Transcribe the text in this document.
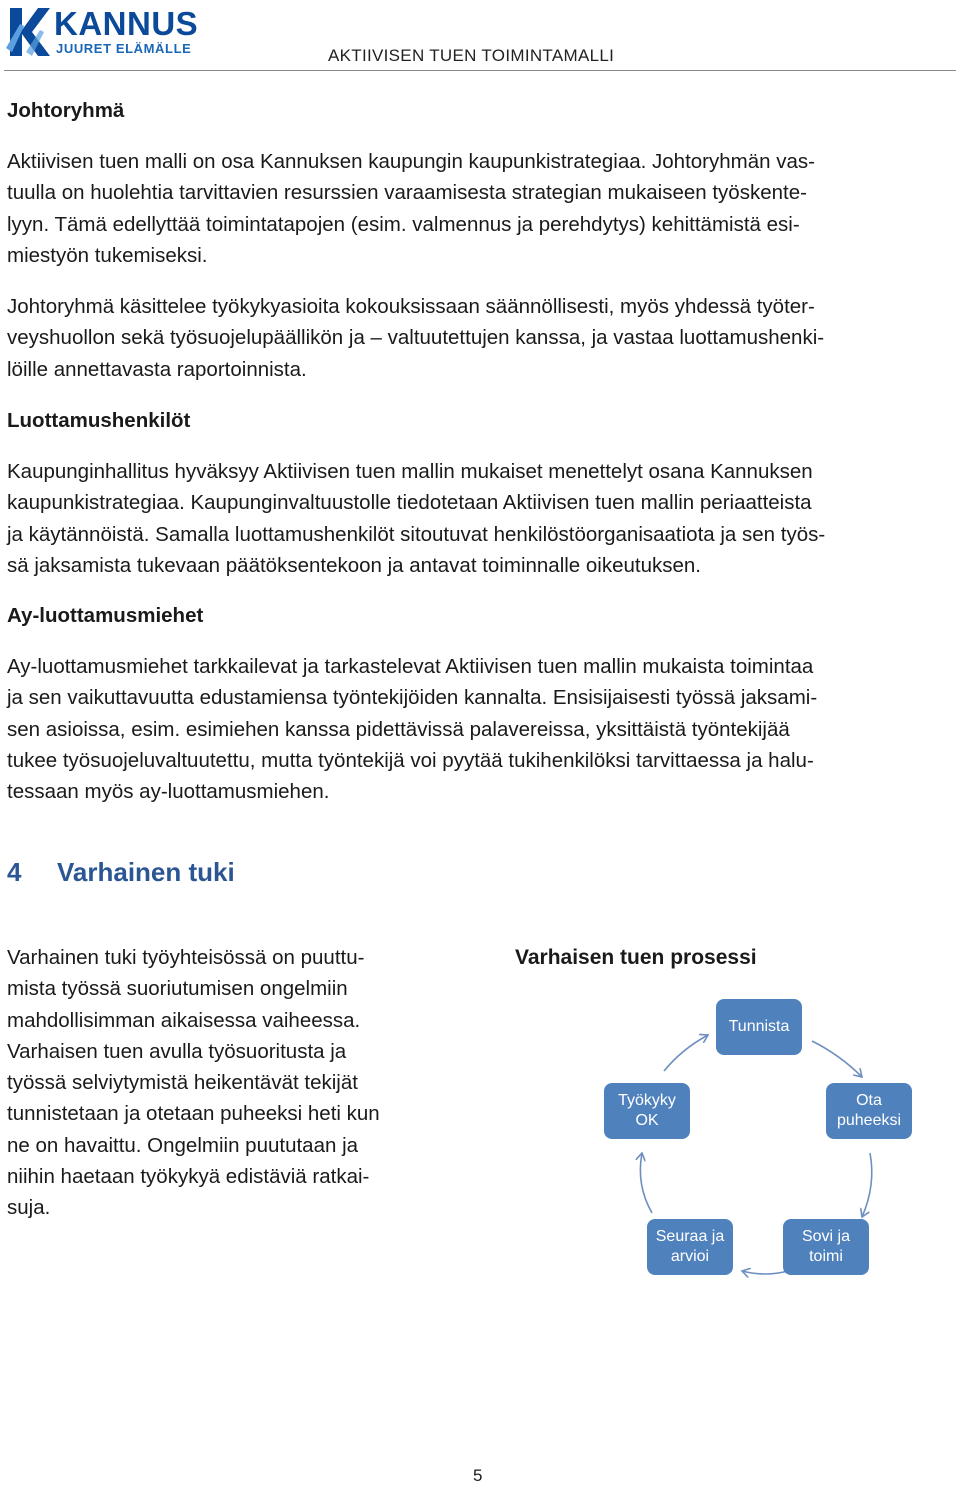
KANNUS
JUURET ELÄMÄLLE	AKTIIVISEN TUEN TOIMINTAMALLI
Johtoryhmä
Aktiivisen tuen malli on osa Kannuksen kaupungin kaupunkistrategiaa. Johtoryhmän vas-
tuulla on huolehtia tarvittavien resurssien varaamisesta strategian mukaiseen työskente-
lyyn. Tämä edellyttää toimintatapojen (esim. valmennus ja perehdytys) kehittämistä esi-
miestyön tukemiseksi.
Johtoryhmä käsittelee työkykyasioita kokouksissaan säännöllisesti, myös yhdessä työter-
veyshuollon sekä työsuojelupäällikön ja – valtuutettujen kanssa, ja vastaa luottamushenki-
löille annettavasta raportoinnista.
Luottamushenkilöt
Kaupunginhallitus hyväksyy Aktiivisen tuen mallin mukaiset menettelyt osana Kannuksen
kaupunkistrategiaa. Kaupunginvaltuustolle tiedotetaan Aktiivisen tuen mallin periaatteista
ja käytännöistä. Samalla luottamushenkilöt sitoutuvat henkilöstöorganisaatiota ja sen työs-
sä jaksamista tukevaan päätöksentekoon ja antavat toiminnalle oikeutuksen.
Ay-luottamusmiehet
Ay-luottamusmiehet tarkkailevat ja tarkastelevat Aktiivisen tuen mallin mukaista toimintaa
ja sen vaikuttavuutta edustamiensa työntekijöiden kannalta. Ensisijaisesti työssä jaksami-
sen asioissa, esim. esimiehen kanssa pidettävissä palavereissa, yksittäistä työntekijää
tukee työsuojeluvaltuutettu, mutta työntekijä voi pyytää tukihenkilöksi tarvittaessa ja halu-
tessaan myös ay-luottamusmiehen.
4 Varhainen tuki
Varhainen tuki työyhteisössä on puuttu-
mista työssä suoriutumisen ongelmiin
mahdollisimman aikaisessa vaiheessa.
Varhaisen tuen avulla työsuoritusta ja
työssä selviytymistä heikentävät tekijät
tunnistetaan ja otetaan puheeksi heti kun
ne on havaittu. Ongelmiin puututaan ja
niihin haetaan työkykyä edistäviä ratkai-
suja.
Varhaisen tuen prosessi
Tunnista
Ota
puheeksi
Sovi ja
toimi
Seuraa ja
arvioi
Työkyky
OK
5
